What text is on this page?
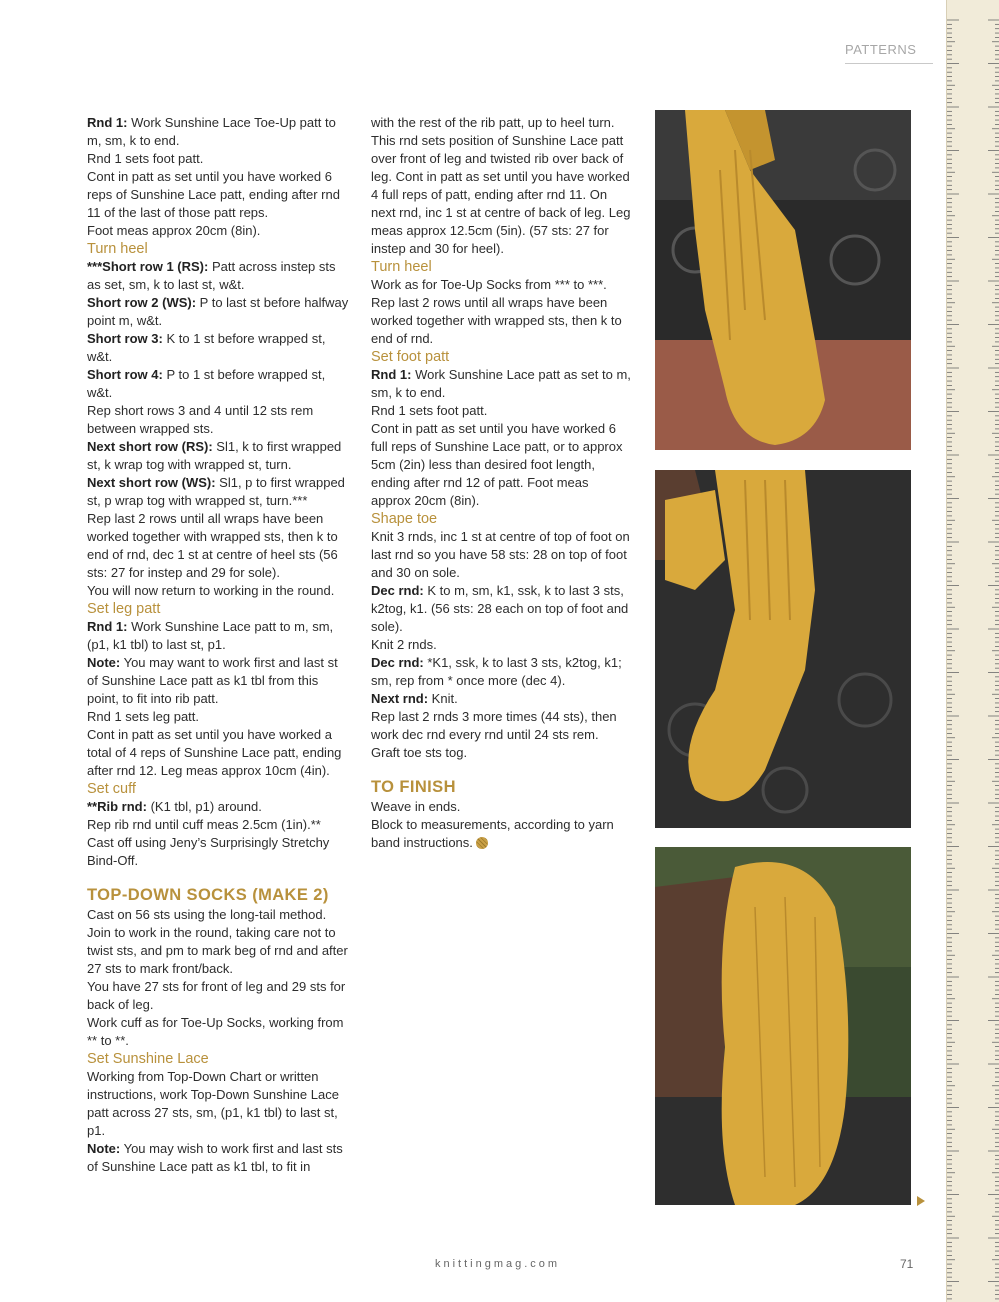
PATTERNS

Rnd 1: Work Sunshine Lace Toe-Up patt to m, sm, k to end.

Rnd 1 sets foot patt.

Cont in patt as set until you have worked 6 reps of Sunshine Lace patt, ending after rnd 11 of the last of those patt reps.

Foot meas approx 20cm (8in).

Turn heel

***Short row 1 (RS): Patt across instep sts as set, sm, k to last st, w&t.

Short row 2 (WS): P to last st before halfway point m, w&t.

Short row 3: K to 1 st before wrapped st, w&t.

Short row 4: P to 1 st before wrapped st, w&t.

Rep short rows 3 and 4 until 12 sts rem between wrapped sts.

Next short row (RS): Sl1, k to first wrapped st, k wrap tog with wrapped st, turn.

Next short row (WS): Sl1, p to first wrapped st, p wrap tog with wrapped st, turn.***

Rep last 2 rows until all wraps have been worked together with wrapped sts, then k to end of rnd, dec 1 st at centre of heel sts (56 sts: 27 for instep and 29 for sole).

You will now return to working in the round.

Set leg patt

Rnd 1: Work Sunshine Lace patt to m, sm, (p1, k1 tbl) to last st, p1.

Note: You may want to work first and last st of Sunshine Lace patt as k1 tbl from this point, to fit into rib patt.

Rnd 1 sets leg patt.

Cont in patt as set until you have worked a total of 4 reps of Sunshine Lace patt, ending after rnd 12. Leg meas approx 10cm (4in).

Set cuff

**Rib rnd: (K1 tbl, p1) around.

Rep rib rnd until cuff meas 2.5cm (1in).**

Cast off using Jeny’s Surprisingly Stretchy Bind-Off.

TOP-DOWN SOCKS (MAKE 2)

Cast on 56 sts using the long-tail method. Join to work in the round, taking care not to twist sts, and pm to mark beg of rnd and after 27 sts to mark front/back.

You have 27 sts for front of leg and 29 sts for back of leg.

Work cuff as for Toe-Up Socks, working from ** to **.

Set Sunshine Lace

Working from Top-Down Chart or written instructions, work Top-Down Sunshine Lace patt across 27 sts, sm, (p1, k1 tbl) to last st, p1.

Note: You may wish to work first and last sts of Sunshine Lace patt as k1 tbl, to fit in

with the rest of the rib patt, up to heel turn. This rnd sets position of Sunshine Lace patt over front of leg and twisted rib over back of leg. Cont in patt as set until you have worked 4 full reps of patt, ending after rnd 11. On next rnd, inc 1 st at centre of back of leg. Leg meas approx 12.5cm (5in). (57 sts: 27 for instep and 30 for heel).

Turn heel

Work as for Toe-Up Socks from *** to ***.

Rep last 2 rows until all wraps have been worked together with wrapped sts, then k to end of rnd.

Set foot patt

Rnd 1: Work Sunshine Lace patt as set to m, sm, k to end.

Rnd 1 sets foot patt.

Cont in patt as set until you have worked 6 full reps of Sunshine Lace patt, or to approx 5cm (2in) less than desired foot length, ending after rnd 12 of patt. Foot meas approx 20cm (8in).

Shape toe

Knit 3 rnds, inc 1 st at centre of top of foot on last rnd so you have 58 sts: 28 on top of foot and 30 on sole.

Dec rnd: K to m, sm, k1, ssk, k to last 3 sts, k2tog, k1. (56 sts: 28 each on top of foot and sole).

Knit 2 rnds.

Dec rnd: *K1, ssk, k to last 3 sts, k2tog, k1; sm, rep from * once more (dec 4).

Next rnd: Knit.

Rep last 2 rnds 3 more times (44 sts), then work dec rnd every rnd until 24 sts rem.

Graft toe sts tog.

TO FINISH

Weave in ends.

Block to measurements, according to yarn band instructions.

knittingmag.com	71
